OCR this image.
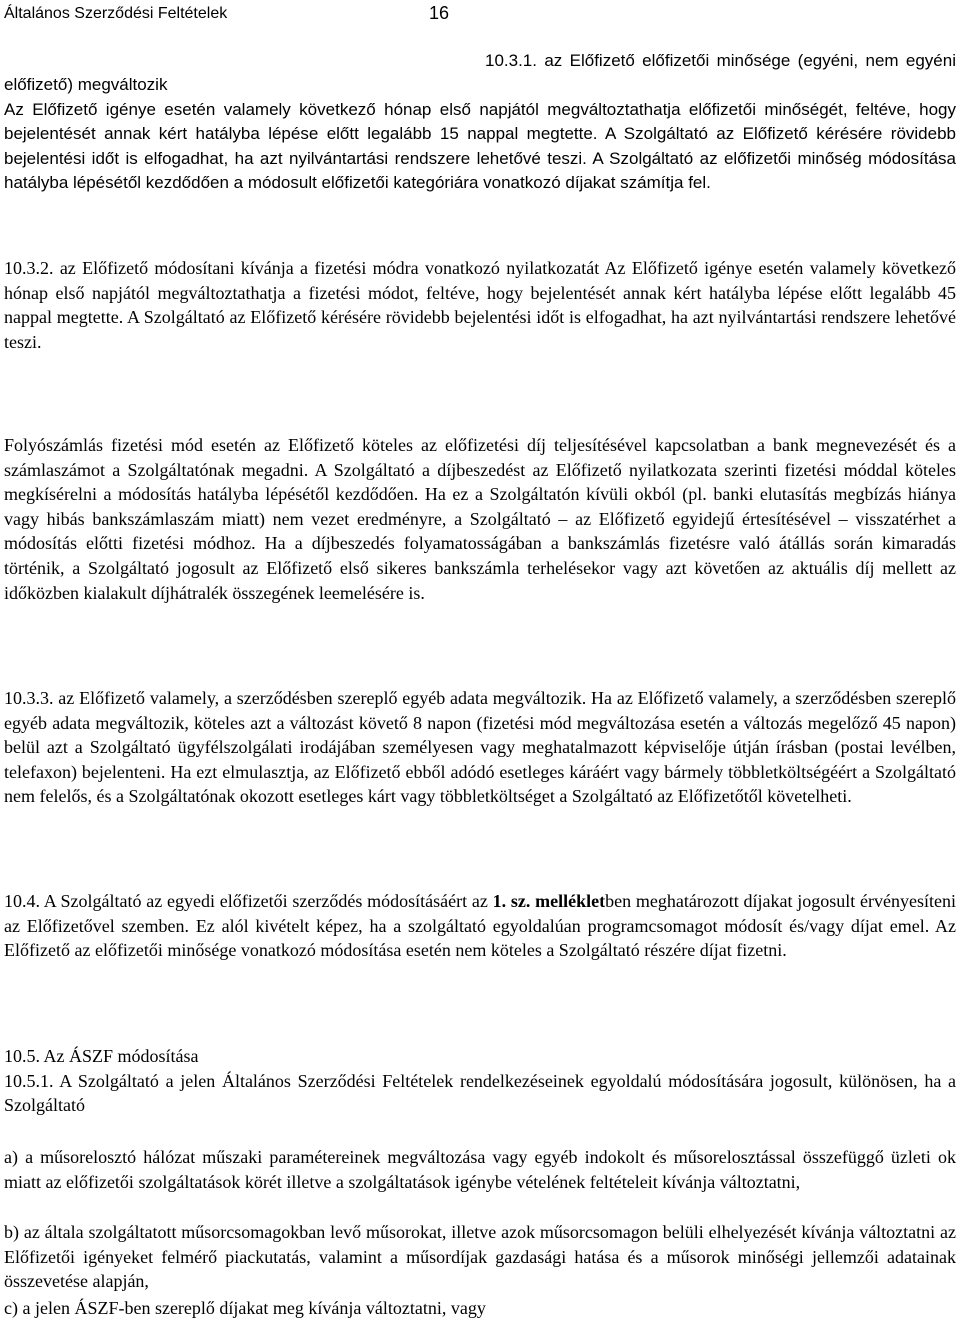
Általános Szerződési Feltételek	16

10.3.1. az Előfizető előfizetői minősége (egyéni, nem egyéni előfizető) megváltozik
Az Előfizető igénye esetén valamely következő hónap első napjától megváltoztathatja előfizetői minőségét, feltéve, hogy bejelentését annak kért hatályba lépése előtt legalább 15 nappal megtette. A Szolgáltató az Előfizető kérésére rövidebb bejelentési időt is elfogadhat, ha azt nyilvántartási rendszere lehetővé teszi. A Szolgáltató az előfizetői minőség módosítása hatályba lépésétől kezdődően a módosult előfizetői kategóriára vonatkozó díjakat számítja fel.

10.3.2. az Előfizető módosítani kívánja a fizetési módra vonatkozó nyilatkozatát Az Előfizető igénye esetén valamely következő hónap első napjától megváltoztathatja a fizetési módot, feltéve, hogy bejelentését annak kért hatályba lépése előtt legalább 45 nappal megtette. A Szolgáltató az Előfizető kérésére rövidebb bejelentési időt is elfogadhat, ha azt nyilvántartási rendszere lehetővé teszi.

Folyószámlás fizetési mód esetén az Előfizető köteles az előfizetési díj teljesítésével kapcsolatban a bank megnevezését és a számlaszámot a Szolgáltatónak megadni. A Szolgáltató a díjbeszedést az Előfizető nyilatkozata szerinti fizetési móddal köteles megkísérelni a módosítás hatályba lépésétől kezdődően. Ha ez a Szolgáltatón kívüli okból (pl. banki elutasítás megbízás hiánya vagy hibás bankszámlaszám miatt) nem vezet eredményre, a Szolgáltató – az Előfizető egyidejű értesítésével – visszatérhet a módosítás előtti fizetési módhoz. Ha a díjbeszedés folyamatosságában a bankszámlás fizetésre való átállás során kimaradás történik, a Szolgáltató jogosult az Előfizető első sikeres bankszámla terhelésekor vagy azt követően az aktuális díj mellett az időközben kialakult díjhátralék összegének leemelésére is.

10.3.3. az Előfizető valamely, a szerződésben szereplő egyéb adata megváltozik. Ha az Előfizető valamely, a szerződésben szereplő egyéb adata megváltozik, köteles azt a változást követő 8 napon (fizetési mód megváltozása esetén a változás megelőző 45 napon) belül azt a Szolgáltató ügyfélszolgálati irodájában személyesen vagy meghatalmazott képviselője útján írásban (postai levélben, telefaxon) bejelenteni. Ha ezt elmulasztja, az Előfizető ebből adódó esetleges káráért vagy bármely többletköltségéért a Szolgáltató nem felelős, és a Szolgáltatónak okozott esetleges kárt vagy többletköltséget a Szolgáltató az Előfizetőtől követelheti.

10.4. A Szolgáltató az egyedi előfizetői szerződés módosításáért az 1. sz. mellékletben meghatározott díjakat jogosult érvényesíteni az Előfizetővel szemben. Ez alól kivételt képez, ha a szolgáltató egyoldalúan programcsomagot módosít és/vagy díjat emel. Az Előfizető az előfizetői minősége vonatkozó módosítása esetén nem köteles a Szolgáltató részére díjat fizetni.

10.5. Az ÁSZF módosítása
10.5.1. A Szolgáltató a jelen Általános Szerződési Feltételek rendelkezéseinek egyoldalú módosítására jogosult, különösen, ha a Szolgáltató

a) a műsorelosztó hálózat műszaki paramétereinek megváltozása vagy egyéb indokolt és műsorelosztással összefüggő üzleti ok miatt az előfizetői szolgáltatások körét illetve a szolgáltatások igénybe vételének feltételeit kívánja változtatni,

b) az általa szolgáltatott műsorcsomagokban levő műsorokat, illetve azok műsorcsomagon belüli elhelyezését kívánja változtatni az Előfizetői igényeket felmérő piackutatás, valamint a műsordíjak gazdasági hatása és a műsorok minőségi jellemzői adatainak összevetése alapján,

c) a jelen ÁSZF-ben szereplő díjakat meg kívánja változtatni, vagy
